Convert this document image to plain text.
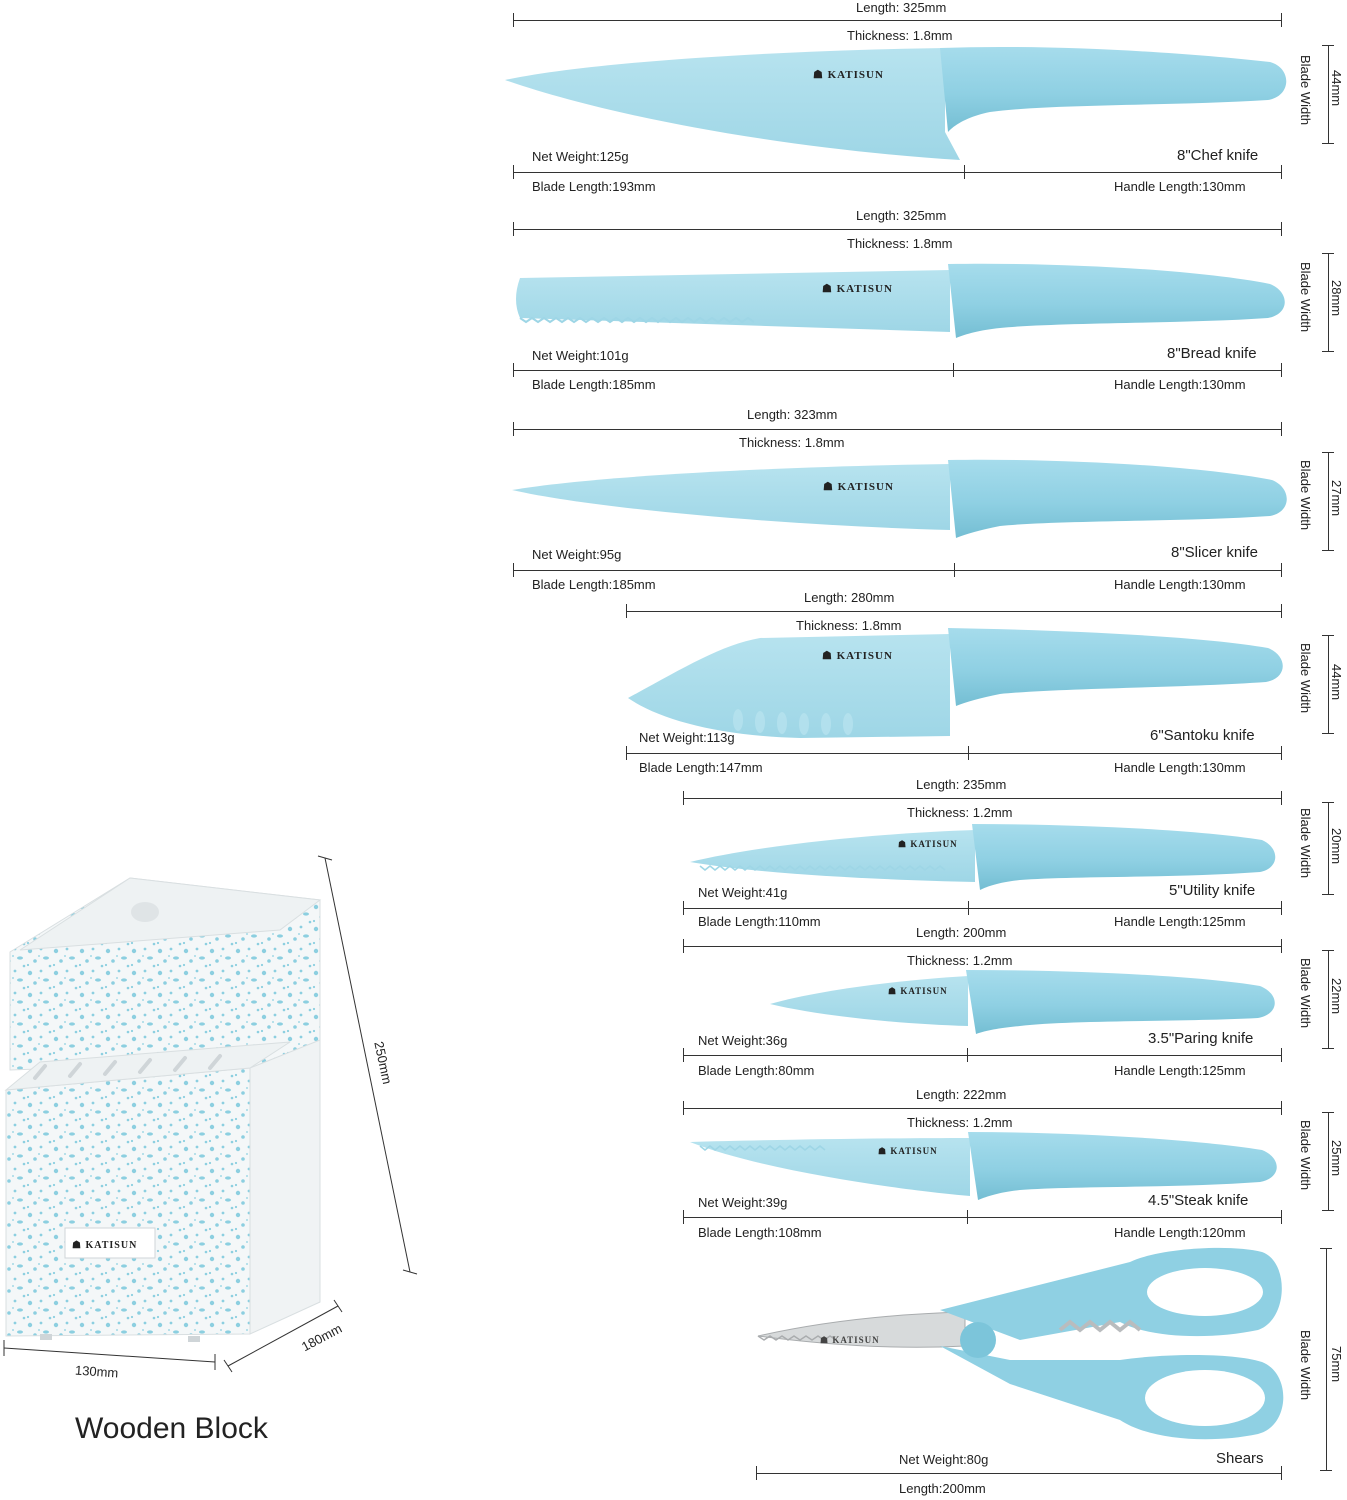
☗ KATISUN
☗ KATISUN
☗ KATISUN
☗ KATISUN
☗ KATISUN
☗ KATISUN
☗ KATISUN
☗ KATISUN
☗ KATISUN
Length: 325mm
Thickness: 1.8mm
Net Weight:125g	8"Chef knife
Blade Length:193mm	Handle Length:130mm
Blade Width 44mm
Length: 325mm
Thickness: 1.8mm
Net Weight:101g	8"Bread knife
Blade Length:185mm	Handle Length:130mm
Blade Width 28mm
Length: 323mm
Thickness: 1.8mm
Net Weight:95g	8"Slicer knife
Blade Length:185mm	Handle Length:130mm
Blade Width 27mm
Length: 280mm
Thickness: 1.8mm
Net Weight:113g	6"Santoku knife
Blade Length:147mm	Handle Length:130mm
Blade Width 44mm
Length: 235mm
Thickness: 1.2mm
Net Weight:41g	5"Utility knife
Blade Length:110mm	Handle Length:125mm
Blade Width 20mm
Length: 200mm
Thickness: 1.2mm
Net Weight:36g	3.5"Paring knife
Blade Length:80mm	Handle Length:125mm
Blade Width 22mm
Length: 222mm
Thickness: 1.2mm
Net Weight:39g	4.5"Steak knife
Blade Length:108mm	Handle Length:120mm
Blade Width 25mm
Net Weight:80g	Shears
Length:200mm
Blade Width 75mm
250mm
130mm
180mm
Wooden Block
